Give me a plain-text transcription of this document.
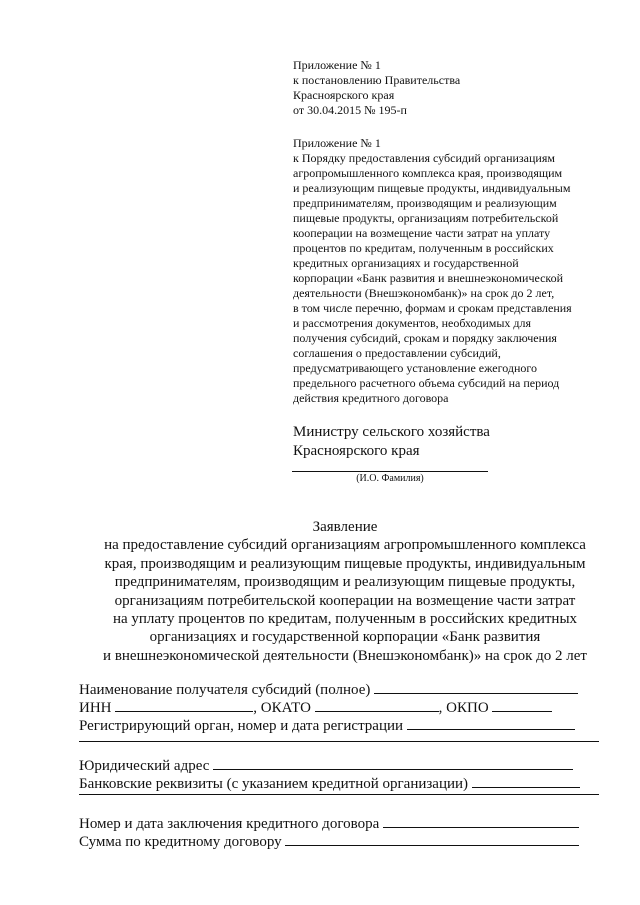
Приложение № 1
к постановлению Правительства
Красноярского края
от 30.04.2015 № 195-п
Приложение № 1
к Порядку предоставления субсидий организациям
агропромышленного комплекса края, производящим
и реализующим пищевые продукты, индивидуальным
предпринимателям, производящим и реализующим
пищевые продукты, организациям потребительской
кооперации на возмещение части затрат на уплату
процентов по кредитам, полученным в российских
кредитных организациях и государственной
корпорации «Банк развития и внешнеэкономической
деятельности (Внешэкономбанк)» на срок до 2 лет,
в том числе перечню, формам и срокам представления
и рассмотрения документов, необходимых для
получения субсидий, срокам и порядку заключения
соглашения о предоставлении субсидий,
предусматривающего установление ежегодного
предельного расчетного объема субсидий на период
действия кредитного договора
Министру сельского хозяйства
Красноярского края
(И.О. Фамилия)
Заявление
на предоставление субсидий организациям агропромышленного комплекса
края, производящим и реализующим пищевые продукты, индивидуальным
предпринимателям, производящим и реализующим пищевые продукты,
организациям потребительской кооперации на возмещение части затрат
на уплату процентов по кредитам, полученным в российских кредитных
организациях и государственной корпорации «Банк развития
и внешнеэкономической деятельности (Внешэкономбанк)» на срок до 2 лет
Наименование получателя субсидий (полное)
ИНН	, ОКАТО	, ОКПО
Регистрирующий орган, номер и дата регистрации
Юридический адрес
Банковские реквизиты (с указанием кредитной организации)
Номер и дата заключения кредитного договора
Сумма по кредитному договору
